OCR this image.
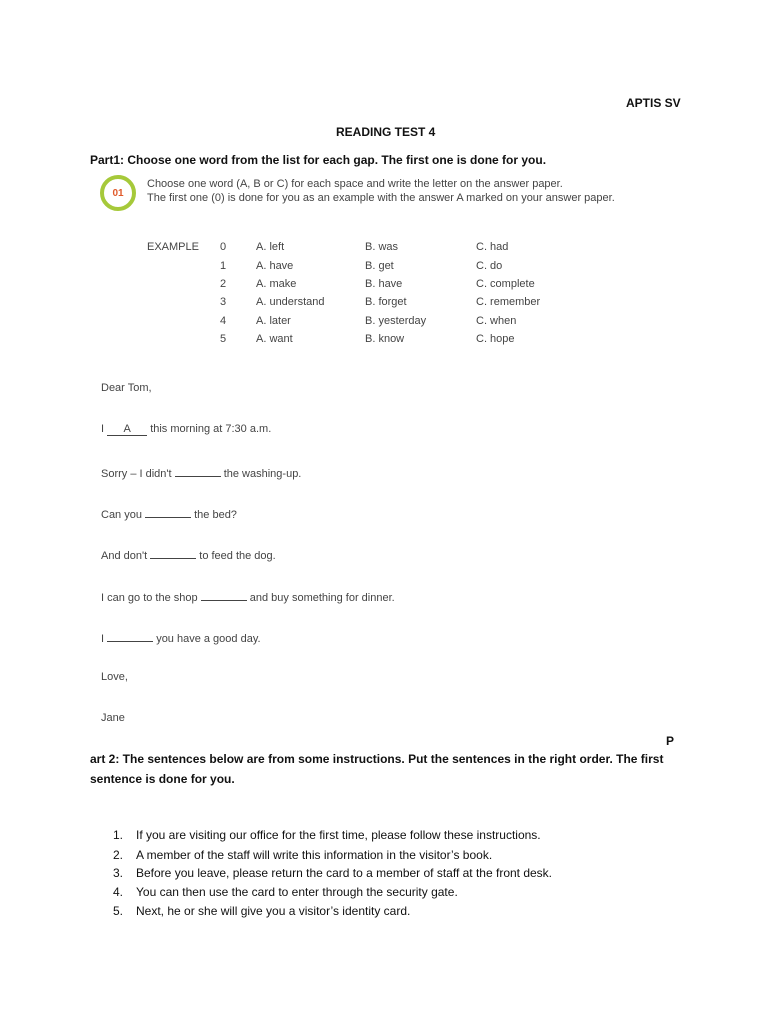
APTIS SV
READING TEST 4
Part1: Choose one word from the list for each gap. The first one is done for you.
01
Choose one word (A, B or C) for each space and write the letter on the answer paper.
The first one (0) is done for you as an example with the answer A marked on your answer paper.
EXAMPLE 0	A. left	B. was	C. had
1	A. have	B. get	C. do
2	A. make	B. have	C. complete
3	A. understand	B. forget	C. remember
4	A. later	B. yesterday	C. when
5	A. want	B. know	C. hope
Dear Tom,
I A this morning at 7:30 a.m.
Sorry – I didn't	the washing-up.
Can you	the bed?
And don't	to feed the dog.
I can go to the shop	and buy something for dinner.
I	you have a good day.
Love,
Jane
P
art 2: The sentences below are from some instructions. Put the sentences in the right order. The first
sentence is done for you.
1. If you are visiting our office for the first time, please follow these instructions.
2. A member of the staff will write this information in the visitor’s book.
3. Before you leave, please return the card to a member of staff at the front desk.
4. You can then use the card to enter through the security gate.
5. Next, he or she will give you a visitor’s identity card.
